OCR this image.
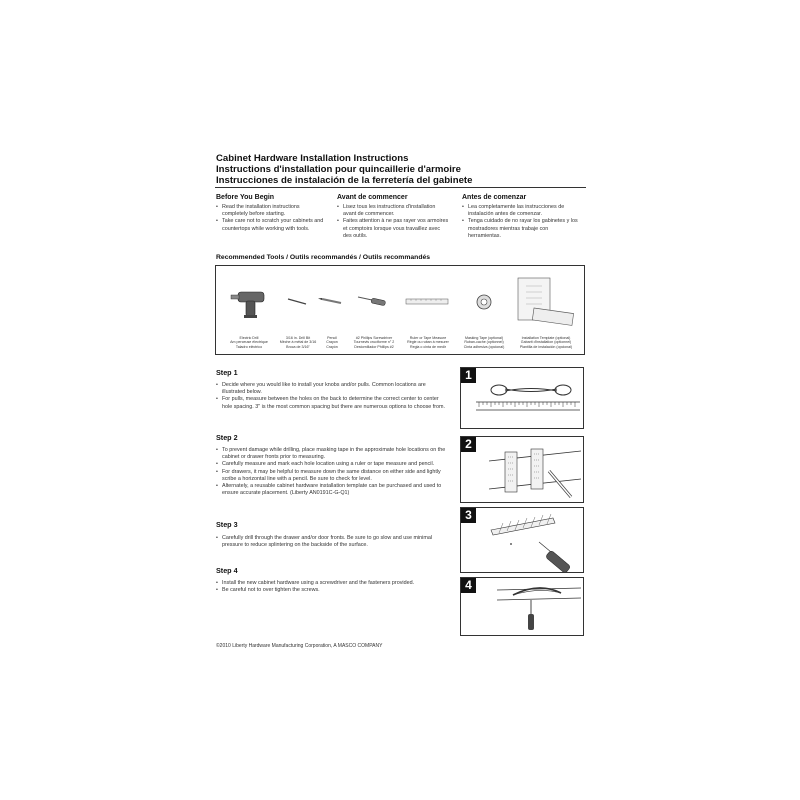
Cabinet Hardware Installation Instructions
Instructions d'installation pour quincaillerie d'armoire
Instrucciones de instalación de la ferretería del gabinete
Before You Begin
• Read the installation instructions completely before starting.
• Take care not to scratch your cabinets and countertops while working with tools.
Avant de commencer
• Lisez tous les instructions d'installation avant de commencer.
• Faites attention à ne pas rayer vos armoires et comptoirs lorsque vous travaillez avec des outils.
Antes de comenzar
• Lea completamente las instrucciones de instalación antes de comenzar.
• Tenga cuidado de no rayar los gabinetes y los mostradores mientras trabaje con herramientas.
Recommended Tools / Outils recommandés / Outils recommandés
Electric Drill
Am perceuse électrique
Taladro eléctrico
3/16 in. Drill Bit
Mèche à métal de 3/16
Broca de 3/16"
Pencil
Crayon
Crayón
#2 Phillips Screwdriver
Tournevis cruciforme n° 2
Destornillador Phillips #2
Ruler or Tape Measure
Règle ou ruban à mesurer
Regla o cinta de medir
Masking Tape (optional)
Ruban-cache (optionnel)
Cinta adhesiva (opcional)
Installation Template (optional)
Gabarit d'installation (optionnel)
Plantilla de instalación (opcional)
Step 1
• Decide where you would like to install your knobs and/or pulls. Common locations are illustrated below.
• For pulls, measure between the holes on the back to determine the correct center to center hole spacing. 3" is the most common spacing but there are numerous options to choose from.
1
Step 2
• To prevent damage while drilling, place masking tape in the approximate hole locations on the cabinet or drawer fronts prior to measuring.
• Carefully measure and mark each hole location using a ruler or tape measure and pencil.
• For drawers, it may be helpful to measure down the same distance on either side and lightly scribe a horizontal line with a pencil. Be sure to check for level.
• Alternately, a reusable cabinet hardware installation template can be purchased and used to ensure accurate placement. (Liberty AN0191C-G-Q1)
2
Step 3
• Carefully drill through the drawer and/or door fronts. Be sure to go slow and use minimal pressure to reduce splintering on the backside of the surface.
3
Step 4
• Install the new cabinet hardware using a screwdriver and the fasteners provided.
• Be careful not to over tighten the screws.	4
©2010 Liberty Hardware Manufacturing Corporation, A MASCO COMPANY
